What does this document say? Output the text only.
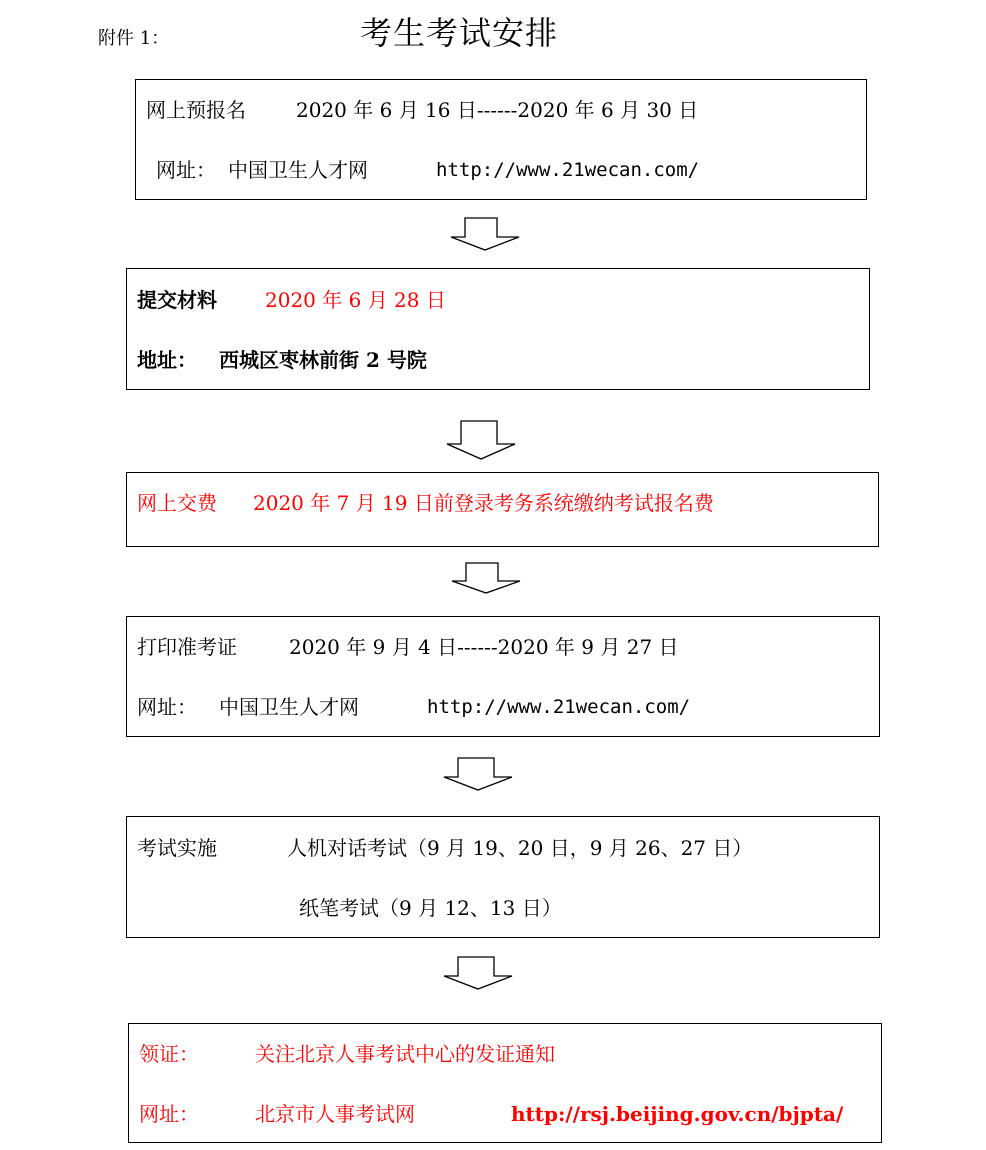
附件 1：	考生考试安排
网上预报名	2020 年 6 月 16 日------2020 年 6 月 30 日
网址： 中国卫生人才网	http://www.21wecan.com/
提交材料 2020 年 6 月 28 日
地址： 西城区枣林前街 2 号院
网上交费 2020 年 7 月 19 日前登录考务系统缴纳考试报名费
打印准考证	2020 年 9 月 4 日------2020 年 9 月 27 日
网址： 中国卫生人才网	http://www.21wecan.com/
考试实施	人机对话考试（9 月 19、20 日，9 月 26、27 日）
纸笔考试（9 月 12、13 日）
领证：	关注北京人事考试中心的发证通知
网址：	北京市人事考试网	http://rsj.beijing.gov.cn/bjpta/
